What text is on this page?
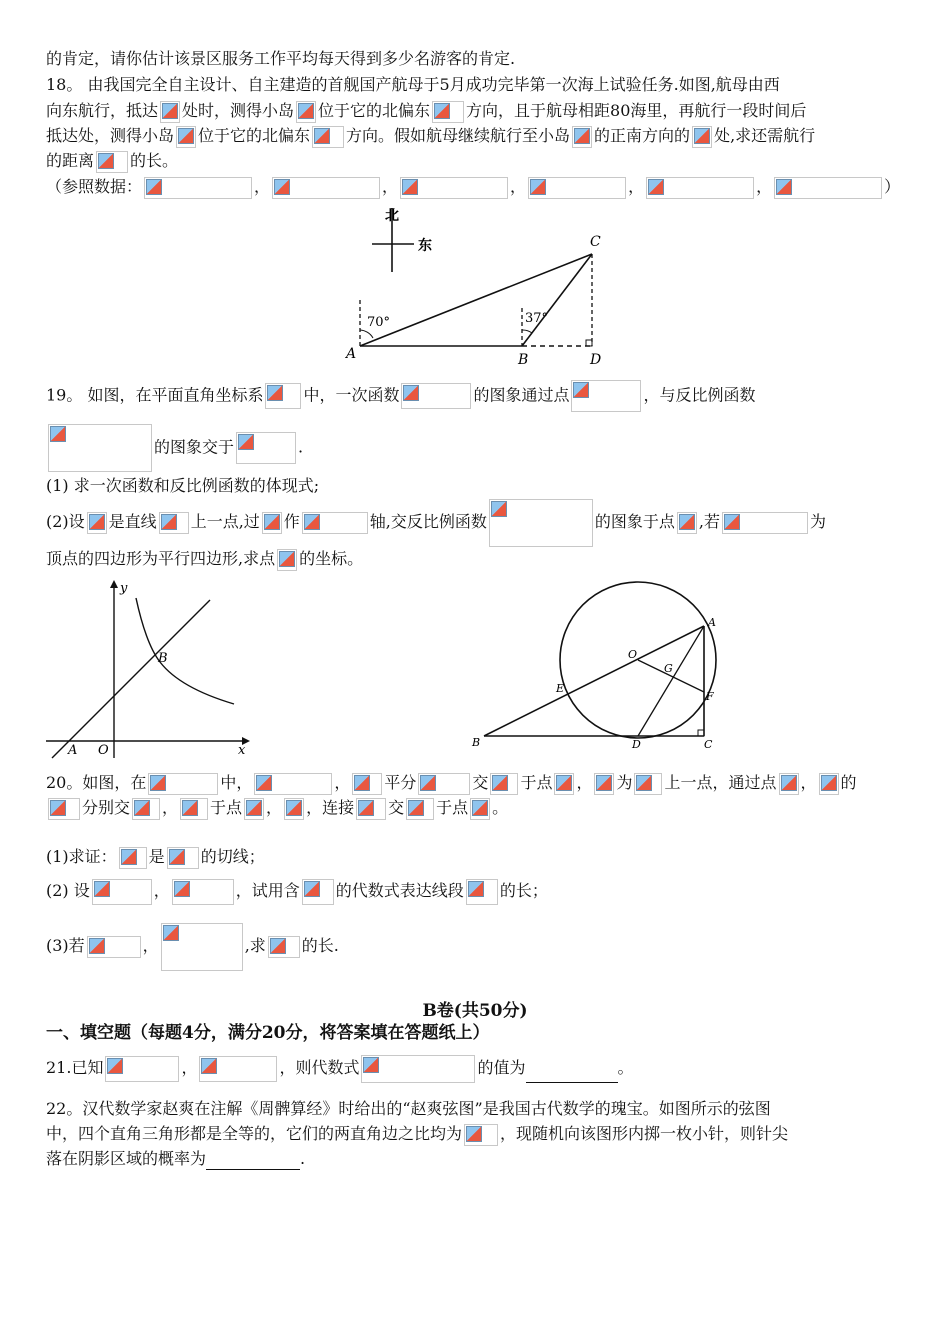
的肯定，请你估计该景区服务工作平均每天得到多少名游客的肯定.
18。 由我国完全自主设计、自主建造的首舰国产航母于5月成功完毕第一次海上试验任务.如图,航母由西
向东航行，抵达 处时，测得小岛 位于它的北偏东 方向，且于航母相距80海里，再航行一段时间后
抵达处，测得小岛 位于它的北偏东 方向。假如航母继续航行至小岛 的正南方向的 处,求还需航行
的距离 的长。
（参照数据：	，	，	，	，	，	）
北
东
70°	37°
A	B
C
D
19。 如图，在平面直角坐标系	中，一次函数	的图象通过点	，与反比例函数
的图象交于	.
(1) 求一次函数和反比例函数的体现式;
(2)设 是直线 上一点,过 作	轴,交反比例函数	的图象于点 ,若	为
顶点的四边形为平行四边形,求点 的坐标。
y
x
A O
B	O
A
G
F
E
B	D	C
20。如图，在	中，	， 平分	交 于点 ， 为 上一点，通过点 ， 的
分别交 ， 于点 ， ，连接 交 于点 。
(1)求证： 是 的切线；
(2) 设	，	，试用含 的代数式表达线段 的长；
(3)若	，	,求 的长.
B卷(共50分)
一、填空题（每题4分，满分20分，将答案填在答题纸上）
21.已知	，	，则代数式	的值为	。
22。汉代数学家赵爽在注解《周髀算经》时给出的“赵爽弦图”是我国古代数学的瑰宝。如图所示的弦图
中，四个直角三角形都是全等的，它们的两直角边之比均为 ，现随机向该图形内掷一枚小针，则针尖
落在阴影区域的概率为	.
